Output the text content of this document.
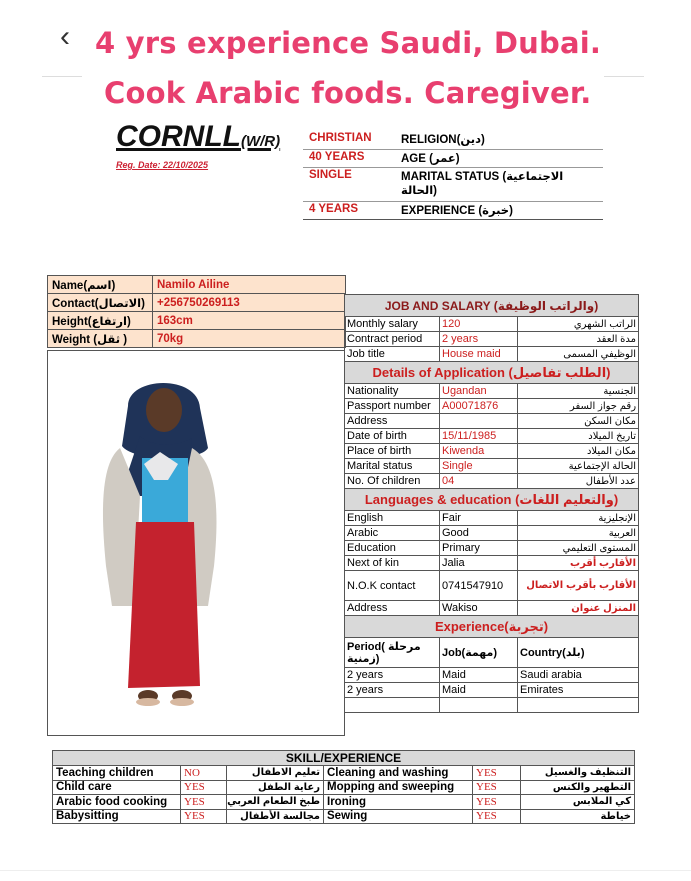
‹ 4 yrs experience Saudi, Dubai.
Cook Arabic foods. Caregiver.
CORNLL(W/R)
Reg. Date: 22/10/2025
CHRISTIAN	RELIGION(دين)
40 YEARS	AGE (عمر)
SINGLE	MARITAL STATUS (الاجتماعية الحالة)
4 YEARS	EXPERIENCE (خبرة)
Name(اسم)	Namilo Ailine
Contact(الاتصال)	+256750269113
Height(ارتفاع)	163cm
Weight (ثقل )	70kg
JOB AND SALARY (والراتب الوظيفة)		
Monthly salary	120	الراتب الشهري
Contract period	2 years	مدة العقد
Job title	House maid	الوظيفي المسمى
Details of Application (الطلب تفاصيل)		
Nationality	Ugandan	الجنسية
Passport number	A00071876	رقم جواز السفر
Address		مكان السكن
Date of birth	15/11/1985	تاريخ الميلاد
Place of birth	Kiwenda	مكان الميلاد
Marital status	Single	الحالة الإجتماعية
No. Of children	04	عدد الأطفال
Languages & education (والتعليم اللغات)		
English	Fair	الإنجليزية
Arabic	Good	العربية
Education	Primary	المستوى التعليمي
Next of kin	Jalia	الأقارب أقرب
N.O.K contact	0741547910	الأقارب بأقرب الاتصال
Address	Wakiso	المنزل عنوان
Experience(تجربة)		
Period( مرحلة زمنية)	Job(مهمة)	Country(بلد)
2 years	Maid	Saudi arabia
2 years	Maid	Emirates

SKILL/EXPERIENCE					
Teaching children	NO	تعليم الاطفال	Cleaning and washing	YES	التنظيف والغسيل
Child care	YES	رعاية الطفل	Mopping and sweeping	YES	التطهير والكنس
Arabic food cooking	YES	طبخ الطعام العربي	Ironing	YES	كي الملابس
Babysitting	YES	مجالسة الأطفال	Sewing	YES	خياطة
